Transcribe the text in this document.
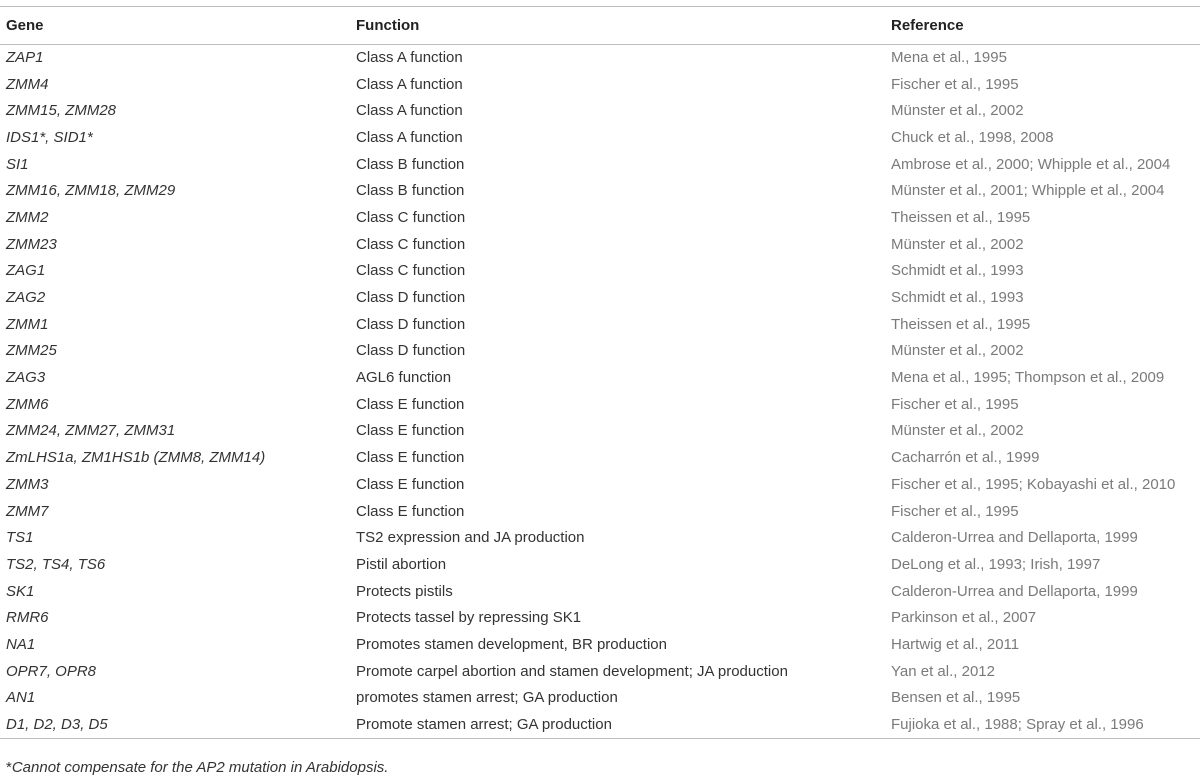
Gene	Function	Reference
ZAP1	Class A function	Mena et al., 1995
ZMM4	Class A function	Fischer et al., 1995
ZMM15, ZMM28	Class A function	Münster et al., 2002
IDS1*, SID1*	Class A function	Chuck et al., 1998, 2008
SI1	Class B function	Ambrose et al., 2000; Whipple et al., 2004
ZMM16, ZMM18, ZMM29	Class B function	Münster et al., 2001; Whipple et al., 2004
ZMM2	Class C function	Theissen et al., 1995
ZMM23	Class C function	Münster et al., 2002
ZAG1	Class C function	Schmidt et al., 1993
ZAG2	Class D function	Schmidt et al., 1993
ZMM1	Class D function	Theissen et al., 1995
ZMM25	Class D function	Münster et al., 2002
ZAG3	AGL6 function	Mena et al., 1995; Thompson et al., 2009
ZMM6	Class E function	Fischer et al., 1995
ZMM24, ZMM27, ZMM31	Class E function	Münster et al., 2002
ZmLHS1a, ZM1HS1b (ZMM8, ZMM14)	Class E function	Cacharrón et al., 1999
ZMM3	Class E function	Fischer et al., 1995; Kobayashi et al., 2010
ZMM7	Class E function	Fischer et al., 1995
TS1	TS2 expression and JA production	Calderon-Urrea and Dellaporta, 1999
TS2, TS4, TS6	Pistil abortion	DeLong et al., 1993; Irish, 1997
SK1	Protects pistils	Calderon-Urrea and Dellaporta, 1999
RMR6	Protects tassel by repressing SK1	Parkinson et al., 2007
NA1	Promotes stamen development, BR production	Hartwig et al., 2011
OPR7, OPR8	Promote carpel abortion and stamen development; JA production	Yan et al., 2012
AN1	promotes stamen arrest; GA production	Bensen et al., 1995
D1, D2, D3, D5	Promote stamen arrest; GA production	Fujioka et al., 1988; Spray et al., 1996
*Cannot compensate for the AP2 mutation in Arabidopsis.
